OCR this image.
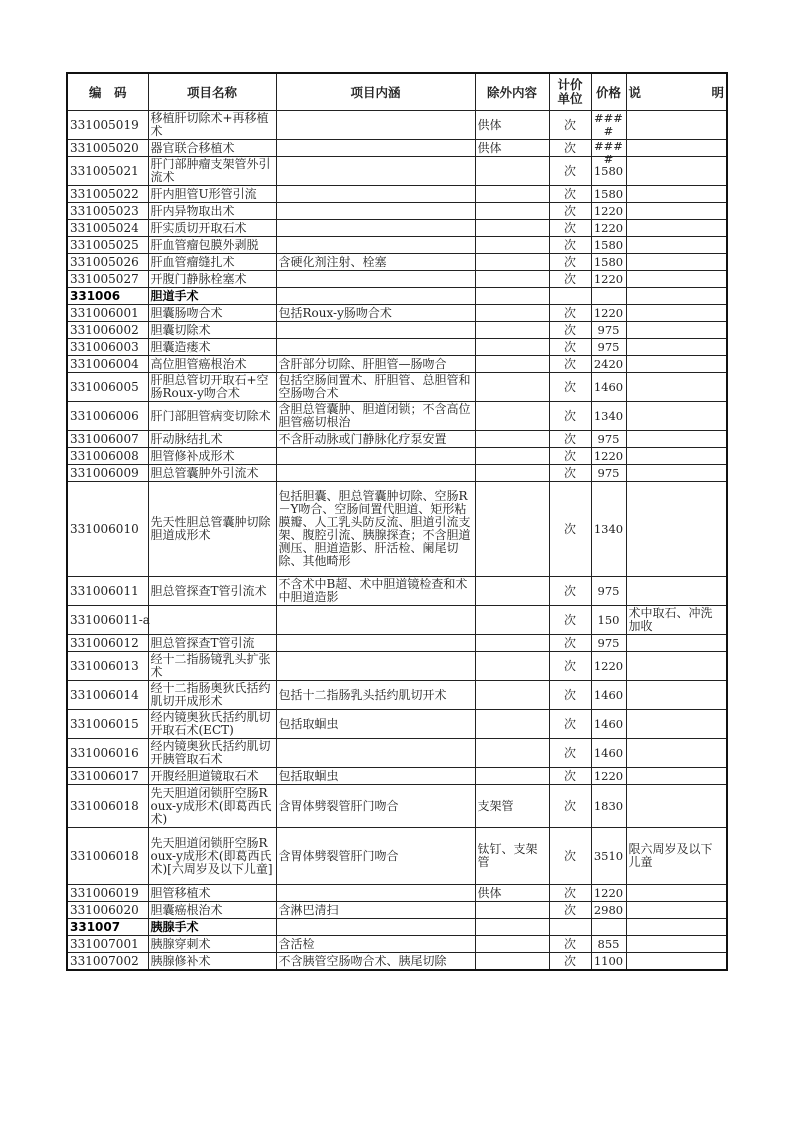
编　码	项目名称	项目内涵	除外内容	计价单位	价格	说 明

331005019	移植肝切除术+再移植术		供体	次	####	

331005020	器官联合移植术		供体	次	####	

331005021	肝门部肿瘤支架管外引流术			次	1580	

331005022	肝内胆管U形管引流			次	1580	

331005023	肝内异物取出术			次	1220	

331005024	肝实质切开取石术			次	1220	

331005025	肝血管瘤包膜外剥脱			次	1580	

331005026	肝血管瘤缝扎术	含硬化剂注射、栓塞		次	1580	

331005027	开腹门静脉栓塞术			次	1220	

331006	胆道手术					

331006001	胆囊肠吻合术	包括Roux-y肠吻合术		次	1220	

331006002	胆囊切除术			次	975	

331006003	胆囊造瘘术			次	975	

331006004	高位胆管癌根治术	含肝部分切除、肝胆管—肠吻合		次	2420	

331006005	肝胆总管切开取石+空肠Roux-y吻合术	包括空肠间置术、肝胆管、总胆管和空肠吻合术		次	1460	

331006006	肝门部胆管病变切除术	含胆总管囊肿、胆道闭锁；不含高位胆管癌切根治		次	1340	

331006007	肝动脉结扎术	不含肝动脉或门静脉化疗泵安置		次	975	

331006008	胆管修补成形术			次	1220	

331006009	胆总管囊肿外引流术			次	975	

331006010	先天性胆总管囊肿切除胆道成形术	包括胆囊、胆总管囊肿切除、空肠R－Y吻合、空肠间置代胆道、矩形粘膜瓣、人工乳头防反流、胆道引流支架、腹腔引流、胰腺探查；不含胆道测压、胆道造影、肝活检、阑尾切除、其他畸形		次	1340	

331006011	胆总管探查T管引流术	不含术中B超、术中胆道镜检查和术中胆道造影		次	975	

331006011-a				次	150	术中取石、冲洗加收

331006012	胆总管探查T管引流			次	975	

331006013	经十二指肠镜乳头扩张术			次	1220	

331006014	经十二指肠奥狄氏括约肌切开成形术	包括十二指肠乳头括约肌切开术		次	1460	

331006015	经内镜奥狄氏括约肌切开取石术(ECT)	包括取蛔虫		次	1460	

331006016	经内镜奥狄氏括约肌切开胰管取石术			次	1460	

331006017	开腹经胆道镜取石术	包括取蛔虫		次	1220	

331006018	先天胆道闭锁肝空肠Roux-y成形术(即葛西氏术)	含胃体劈裂管肝门吻合	支架管	次	1830	

331006018	先天胆道闭锁肝空肠Roux-y成形术(即葛西氏术)[六周岁及以下儿童]	含胃体劈裂管肝门吻合	钛钉、支架管	次	3510	限六周岁及以下儿童

331006019	胆管移植术		供体	次	1220	

331006020	胆囊癌根治术	含淋巴清扫		次	2980	

331007	胰腺手术					

331007001	胰腺穿刺术	含活检		次	855	

331007002	胰腺修补术	不含胰管空肠吻合术、胰尾切除		次	1100	
